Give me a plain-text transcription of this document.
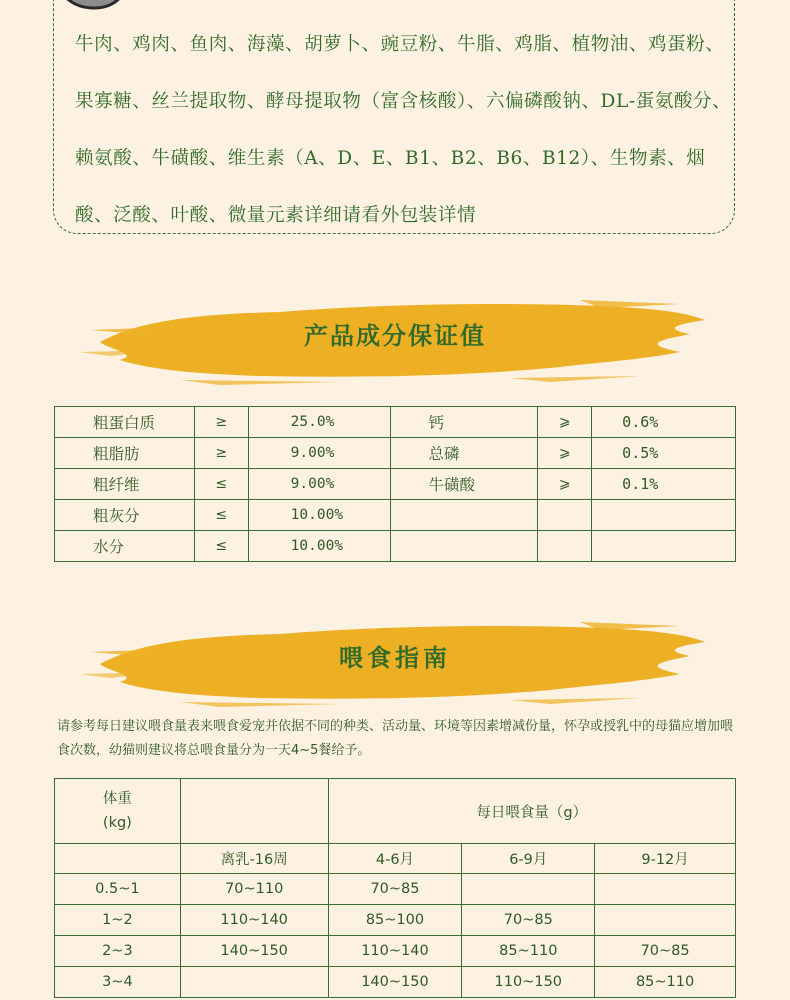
牛肉、鸡肉、鱼肉、海藻、胡萝卜、豌豆粉、牛脂、鸡脂、植物油、鸡蛋粉、果寡糖、丝兰提取物、酵母提取物（富含核酸）、六偏磷酸钠、DL-蛋氨酸分、赖氨酸、牛磺酸、维生素（A、D、E、B1、B2、B6、B12）、生物素、烟酸、泛酸、叶酸、微量元素详细请看外包装详情
产品成分保证值
粗蛋白质	≥	25.0%	钙	⩾	0.6%
粗脂肪	≥	9.00%	总磷	⩾	0.5%
粗纤维	≤	9.00%	牛磺酸	⩾	0.1%
粗灰分	≤	10.00%			
水分	≤	10.00%			
喂食指南
请参考每日建议喂食量表来喂食爱宠并依据不同的种类、活动量、环境等因素增减份量，怀孕或授乳中的母猫应增加喂食次数，幼猫则建议将总喂食量分为一天4~5餐给予。
体重
(kg)		每日喂食量（g）		
	离乳-16周	4-6月	6-9月	9-12月
0.5~1	70~110	70~85		
1~2	110~140	85~100	70~85	
2~3	140~150	110~140	85~110	70~85
3~4		140~150	110~150	85~110
